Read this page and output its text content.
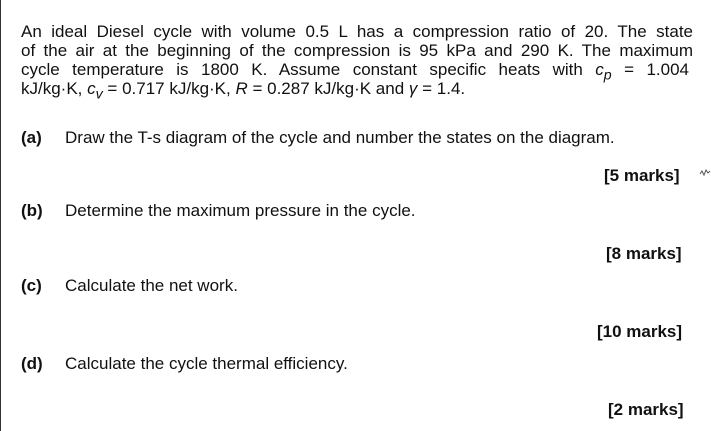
An ideal Diesel cycle with volume 0.5 L has a compression ratio of 20. The state
of the air at the beginning of the compression is 95 kPa and 290 K. The maximum
cycle temperature is 1800 K. Assume constant specific heats with $c_p = 1.004$
kJ/kg·K, $c_v = 0.717$ kJ/kg·K, R = 0.287 kJ/kg·K and γ = 1.4.

(a) Draw the T-s diagram of the cycle and number the states on the diagram.

[5 marks]

(b) Determine the maximum pressure in the cycle.

[8 marks]

(c) Calculate the net work.

[10 marks]

(d) Calculate the cycle thermal efficiency.

[2 marks]
